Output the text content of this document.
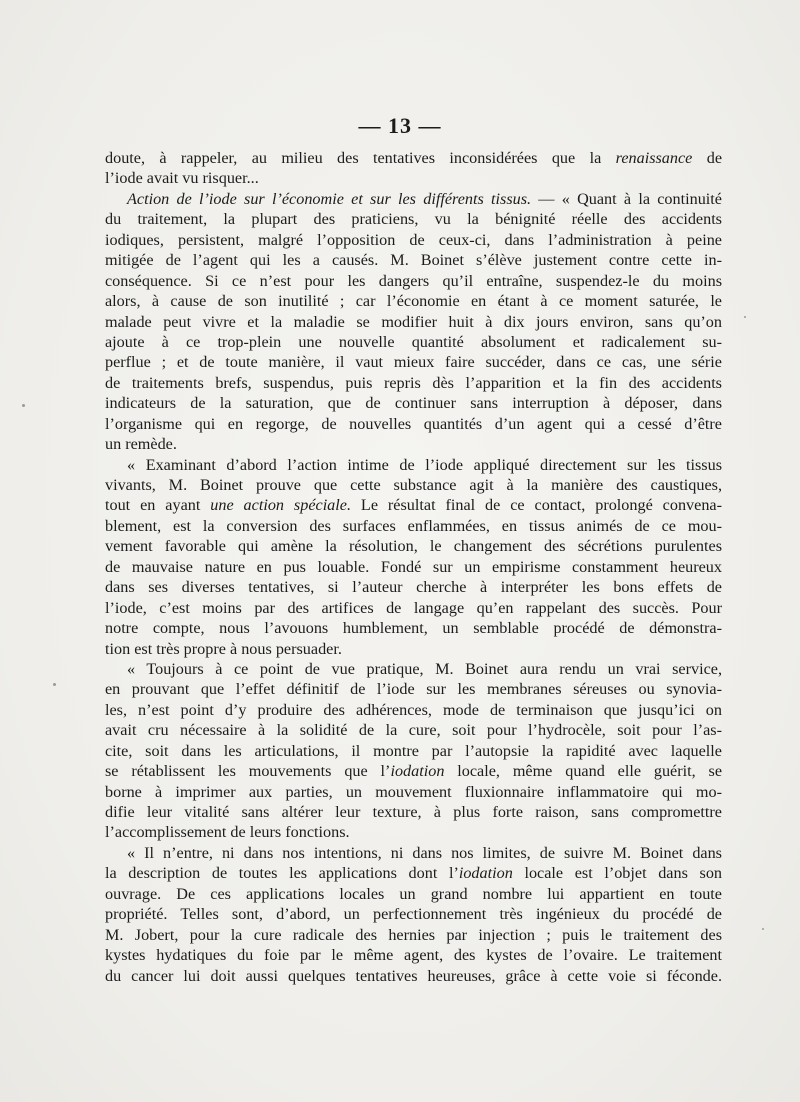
— 13 —
doute, à rappeler, au milieu des tentatives inconsidérées que la renaissance de
l’iode avait vu risquer...
Action de l’iode sur l’économie et sur les différents tissus. — « Quant à la continuité
du traitement, la plupart des praticiens, vu la bénignité réelle des accidents
iodiques, persistent, malgré l’opposition de ceux-ci, dans l’administration à peine
mitigée de l’agent qui les a causés. M. Boinet s’élève justement contre cette in-
conséquence. Si ce n’est pour les dangers qu’il entraîne, suspendez-le du moins
alors, à cause de son inutilité ; car l’économie en étant à ce moment saturée, le
malade peut vivre et la maladie se modifier huit à dix jours environ, sans qu’on
ajoute à ce trop-plein une nouvelle quantité absolument et radicalement su-
perflue ; et de toute manière, il vaut mieux faire succéder, dans ce cas, une série
de traitements brefs, suspendus, puis repris dès l’apparition et la fin des accidents
indicateurs de la saturation, que de continuer sans interruption à déposer, dans
l’organisme qui en regorge, de nouvelles quantités d’un agent qui a cessé d’être
un remède.
« Examinant d’abord l’action intime de l’iode appliqué directement sur les tissus
vivants, M. Boinet prouve que cette substance agit à la manière des caustiques,
tout en ayant une action spéciale. Le résultat final de ce contact, prolongé convena-
blement, est la conversion des surfaces enflammées, en tissus animés de ce mou-
vement favorable qui amène la résolution, le changement des sécrétions purulentes
de mauvaise nature en pus louable. Fondé sur un empirisme constamment heureux
dans ses diverses tentatives, si l’auteur cherche à interpréter les bons effets de
l’iode, c’est moins par des artifices de langage qu’en rappelant des succès. Pour
notre compte, nous l’avouons humblement, un semblable procédé de démonstra-
tion est très propre à nous persuader.
« Toujours à ce point de vue pratique, M. Boinet aura rendu un vrai service,
en prouvant que l’effet définitif de l’iode sur les membranes séreuses ou synovia-
les, n’est point d’y produire des adhérences, mode de terminaison que jusqu’ici on
avait cru nécessaire à la solidité de la cure, soit pour l’hydrocèle, soit pour l’as-
cite, soit dans les articulations, il montre par l’autopsie la rapidité avec laquelle
se rétablissent les mouvements que l’iodation locale, même quand elle guérit, se
borne à imprimer aux parties, un mouvement fluxionnaire inflammatoire qui mo-
difie leur vitalité sans altérer leur texture, à plus forte raison, sans compromettre
l’accomplissement de leurs fonctions.
« Il n’entre, ni dans nos intentions, ni dans nos limites, de suivre M. Boinet dans
la description de toutes les applications dont l’iodation locale est l’objet dans son
ouvrage. De ces applications locales un grand nombre lui appartient en toute
propriété. Telles sont, d’abord, un perfectionnement très ingénieux du procédé de
M. Jobert, pour la cure radicale des hernies par injection ; puis le traitement des
kystes hydatiques du foie par le même agent, des kystes de l’ovaire. Le traitement
du cancer lui doit aussi quelques tentatives heureuses, grâce à cette voie si féconde.
